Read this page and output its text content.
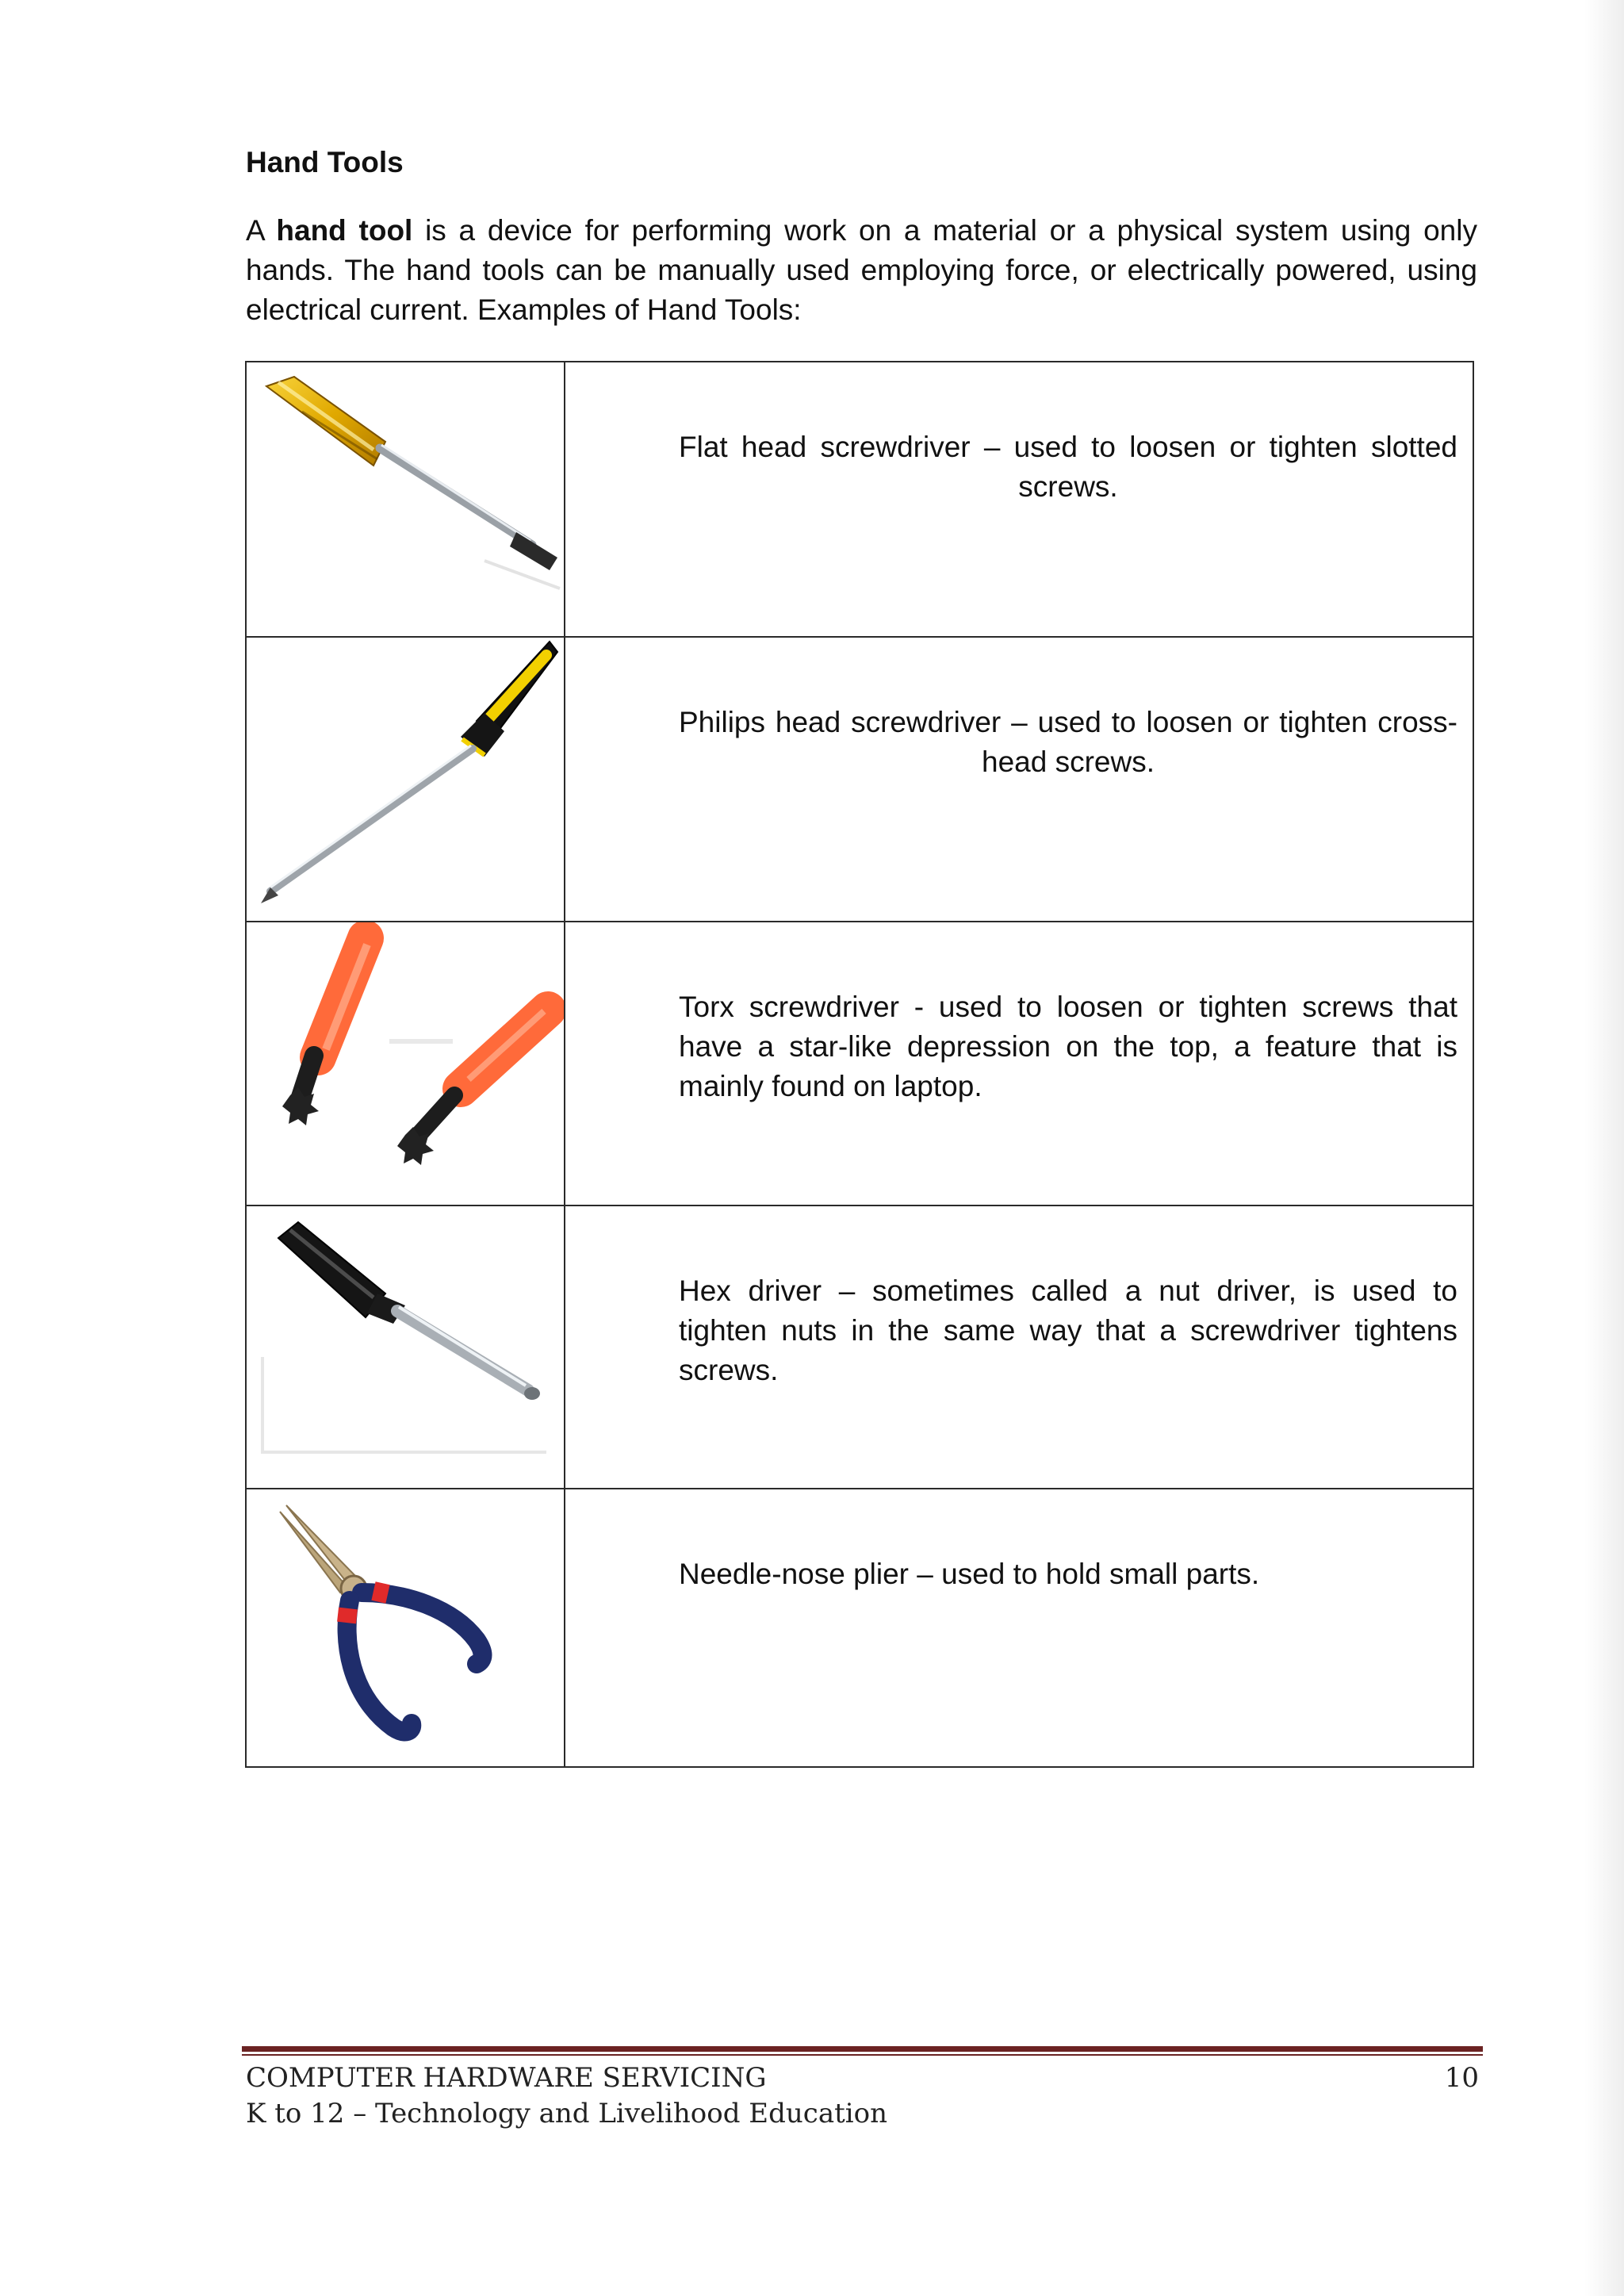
Hand Tools
A hand tool is a device for performing work on a material or a physical system using only hands. The hand tools can be manually used employing force, or electrically powered, using electrical current. Examples of Hand Tools:

Flat head screwdriver – used to loosen or tighten slotted screws.

Philips head screwdriver – used to loosen or tighten cross-head screws.

Torx screwdriver - used to loosen or tighten screws that have a star-like depression on the top, a feature that is mainly found on laptop.

Hex driver – sometimes called a nut driver, is used to tighten nuts in the same way that a screwdriver tightens screws.

Needle-nose plier – used to hold small parts.
COMPUTER HARDWARE SERVICING
K to 12 – Technology and Livelihood Education
10
